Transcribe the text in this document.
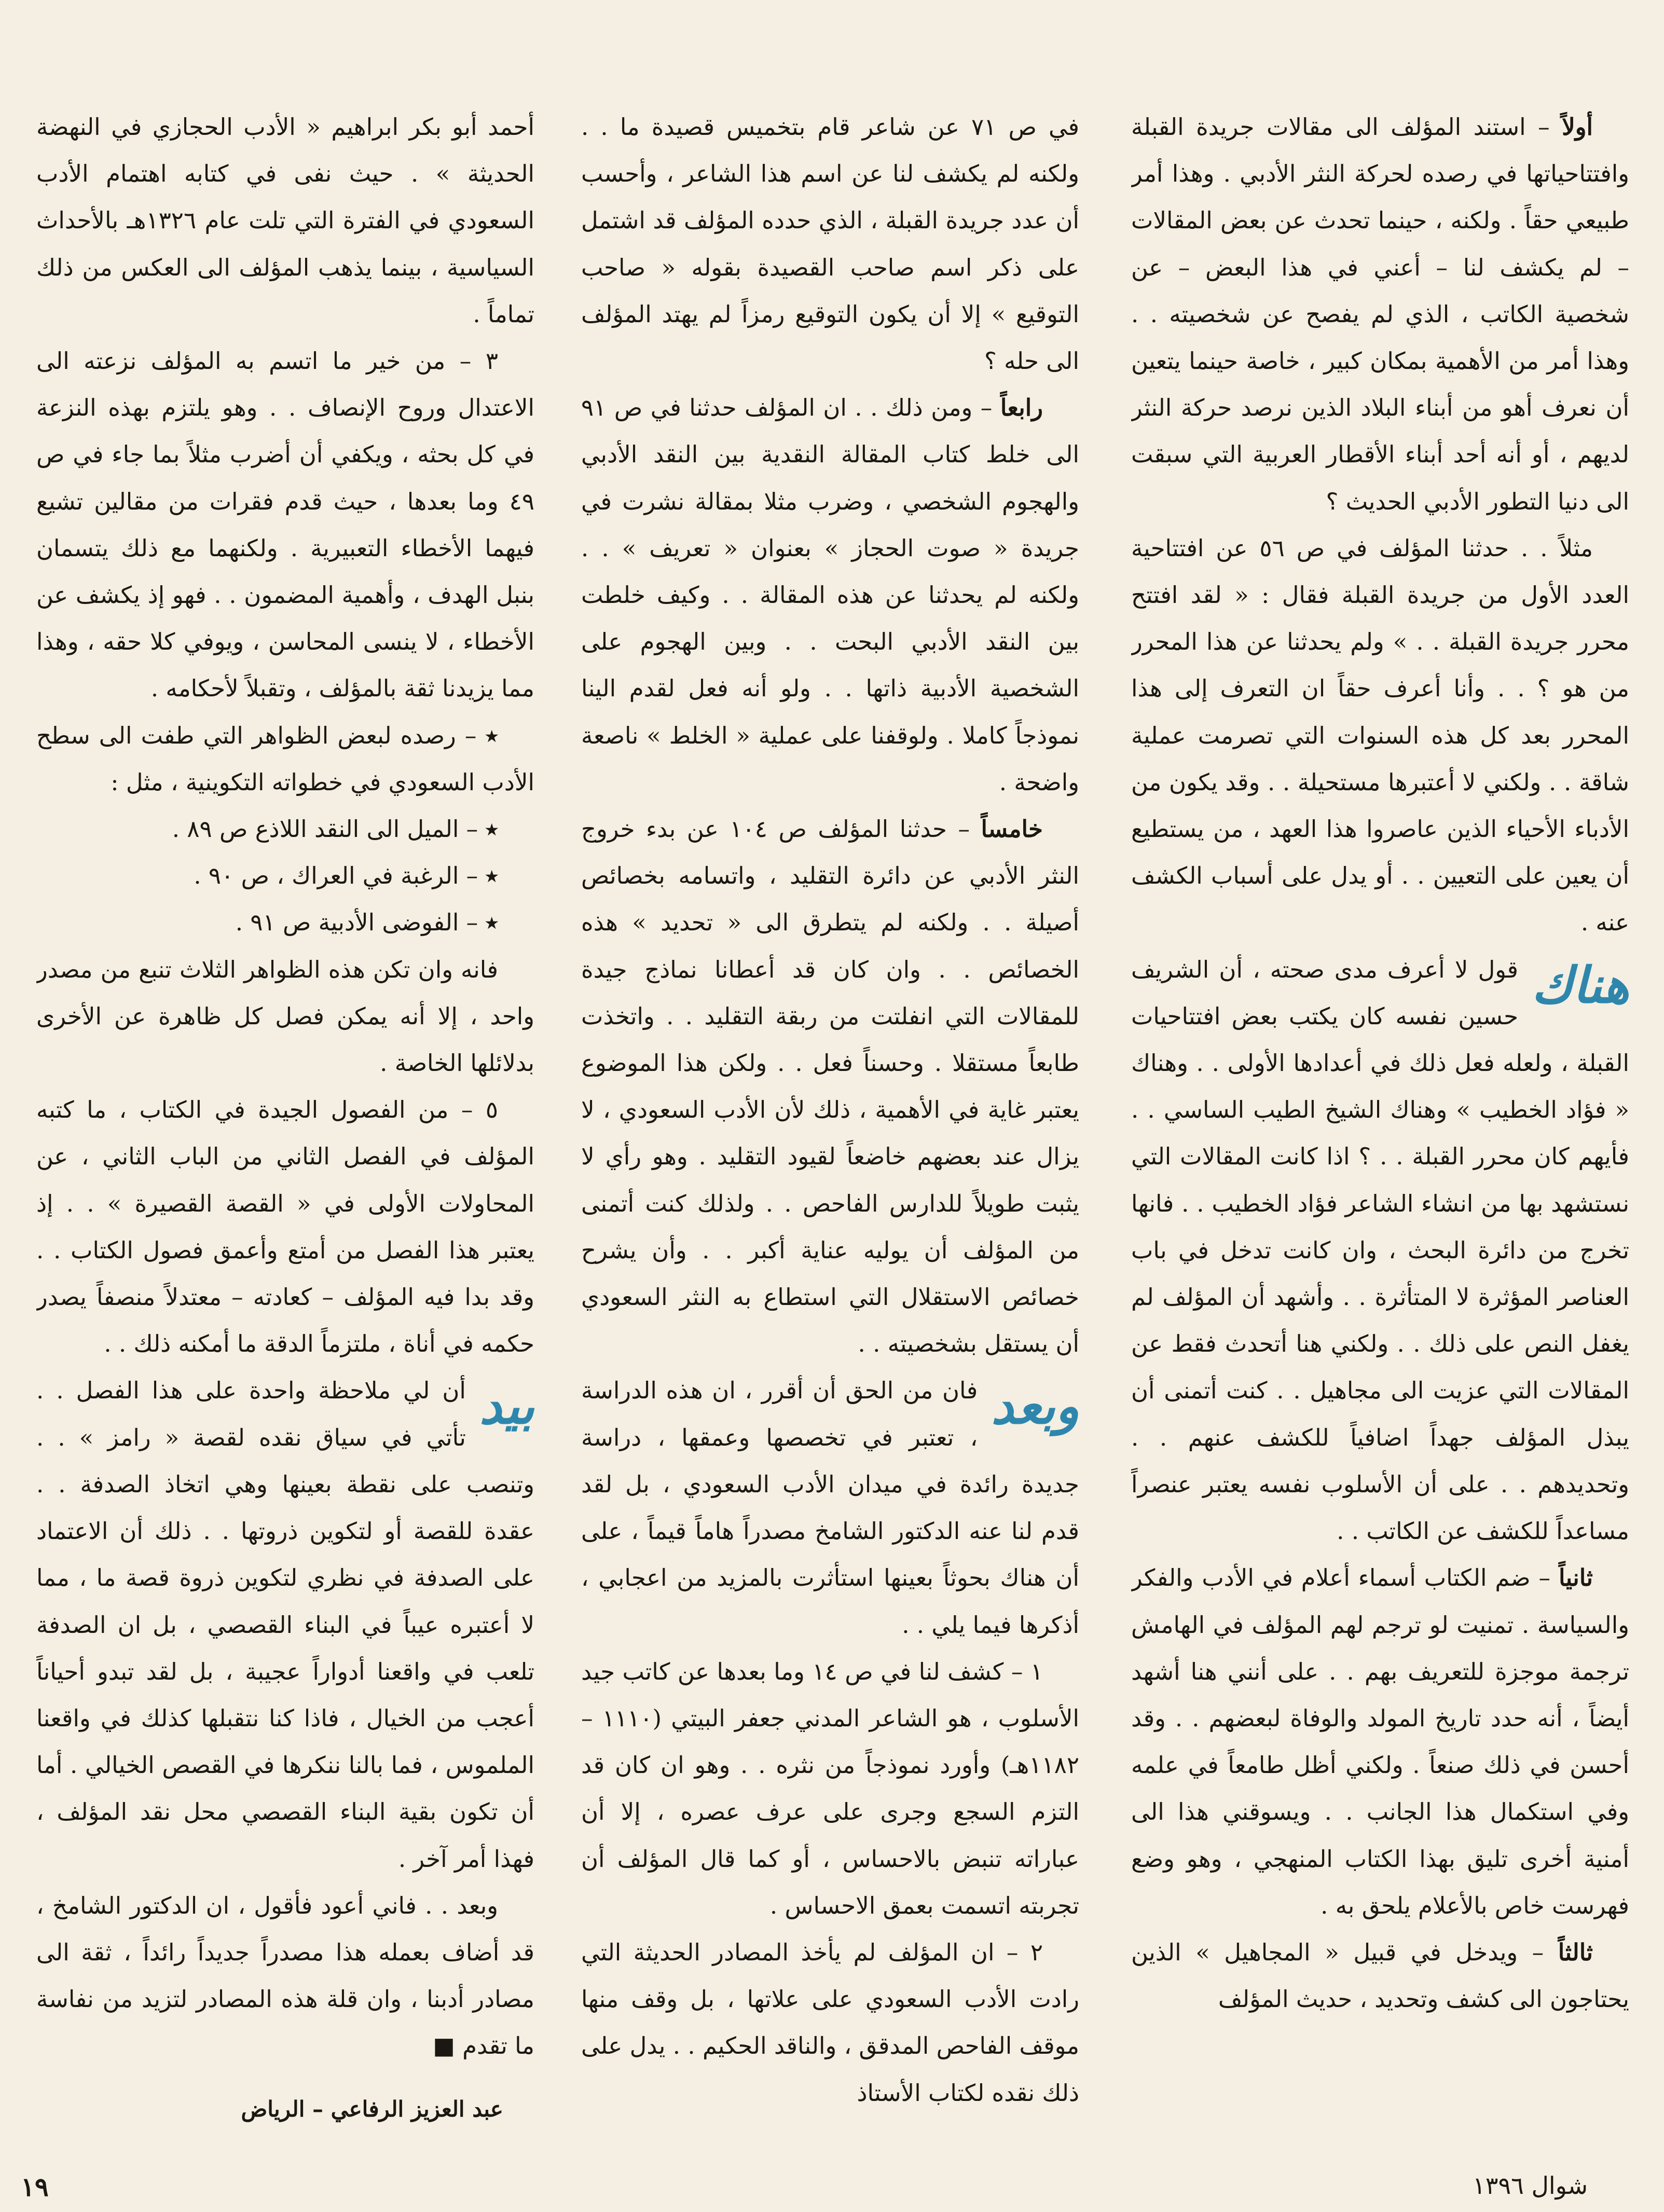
أولاً – استند المؤلف الى مقالات جريدة القبلة وافتتاحياتها في رصده لحركة النثر الأدبي . وهذا أمر طبيعي حقاً . ولكنه ، حينما تحدث عن بعض المقالات – لم يكشف لنا – أعني في هذا البعض – عن شخصية الكاتب ، الذي لم يفصح عن شخصيته . . وهذا أمر من الأهمية بمكان كبير ، خاصة حينما يتعين أن نعرف أهو من أبناء البلاد الذين نرصد حركة النثر لديهم ، أو أنه أحد أبناء الأقطار العربية التي سبقت الى دنيا التطور الأدبي الحديث ؟

مثلاً . . حدثنا المؤلف في ص ٥٦ عن افتتاحية العدد الأول من جريدة القبلة فقال : « لقد افتتح محرر جريدة القبلة . . » ولم يحدثنا عن هذا المحرر من هو ؟ . . وأنا أعرف حقاً ان التعرف إلى هذا المحرر بعد كل هذه السنوات التي تصرمت عملية شاقة . . ولكني لا أعتبرها مستحيلة . . وقد يكون من الأدباء الأحياء الذين عاصروا هذا العهد ، من يستطيع أن يعين على التعيين . . أو يدل على أسباب الكشف عنه .

هناك
قول لا أعرف مدى صحته ، أن الشريف حسين نفسه كان يكتب بعض افتتاحيات القبلة ، ولعله فعل ذلك في أعدادها الأولى . . وهناك « فؤاد الخطيب » وهناك الشيخ الطيب الساسي . . فأيهم كان محرر القبلة . . ؟ اذا كانت المقالات التي نستشهد بها من انشاء الشاعر فؤاد الخطيب . . فانها تخرج من دائرة البحث ، وان كانت تدخل في باب العناصر المؤثرة لا المتأثرة . . وأشهد أن المؤلف لم يغفل النص على ذلك . . ولكني هنا أتحدث فقط عن المقالات التي عزيت الى مجاهيل . . كنت أتمنى أن يبذل المؤلف جهداً اضافياً للكشف عنهم . . وتحديدهم . . على أن الأسلوب نفسه يعتبر عنصراً مساعداً للكشف عن الكاتب . .

ثانياً – ضم الكتاب أسماء أعلام في الأدب والفكر والسياسة . تمنيت لو ترجم لهم المؤلف في الهامش ترجمة موجزة للتعريف بهم . . على أنني هنا أشهد أيضاً ، أنه حدد تاريخ المولد والوفاة لبعضهم . . وقد أحسن في ذلك صنعاً . ولكني أظل طامعاً في علمه وفي استكمال هذا الجانب . . ويسوقني هذا الى أمنية أخرى تليق بهذا الكتاب المنهجي ، وهو وضع فهرست خاص بالأعلام يلحق به .

ثالثاً – ويدخل في قبيل « المجاهيل » الذين يحتاجون الى كشف وتحديد ، حديث المؤلف

في ص ٧١ عن شاعر قام بتخميس قصيدة ما . . ولكنه لم يكشف لنا عن اسم هذا الشاعر ، وأحسب أن عدد جريدة القبلة ، الذي حدده المؤلف قد اشتمل على ذكر اسم صاحب القصيدة بقوله « صاحب التوقيع » إلا أن يكون التوقيع رمزاً لم يهتد المؤلف الى حله ؟

رابعاً – ومن ذلك . . ان المؤلف حدثنا في ص ٩١ الى خلط كتاب المقالة النقدية بين النقد الأدبي والهجوم الشخصي ، وضرب مثلا بمقالة نشرت في جريدة « صوت الحجاز » بعنوان « تعريف » . . ولكنه لم يحدثنا عن هذه المقالة . . وكيف خلطت بين النقد الأدبي البحت . . وبين الهجوم على الشخصية الأدبية ذاتها . . ولو أنه فعل لقدم الينا نموذجاً كاملا . ولوقفنا على عملية « الخلط » ناصعة واضحة .

خامساً – حدثنا المؤلف ص ١٠٤ عن بدء خروج النثر الأدبي عن دائرة التقليد ، واتسامه بخصائص أصيلة . . ولكنه لم يتطرق الى « تحديد » هذه الخصائص . . وان كان قد أعطانا نماذج جيدة للمقالات التي انفلتت من ربقة التقليد . . واتخذت طابعاً مستقلا . وحسناً فعل . . ولكن هذا الموضوع يعتبر غاية في الأهمية ، ذلك لأن الأدب السعودي ، لا يزال عند بعضهم خاضعاً لقيود التقليد . وهو رأي لا يثبت طويلاً للدارس الفاحص . . ولذلك كنت أتمنى من المؤلف أن يوليه عناية أكبر . . وأن يشرح خصائص الاستقلال التي استطاع به النثر السعودي أن يستقل بشخصيته . .

وبعد
فان من الحق أن أقرر ، ان هذه الدراسة ، تعتبر في تخصصها وعمقها ، دراسة جديدة رائدة في ميدان الأدب السعودي ، بل لقد قدم لنا عنه الدكتور الشامخ مصدراً هاماً قيماً ، على أن هناك بحوثاً بعينها استأثرت بالمزيد من اعجابي ، أذكرها فيما يلي . .

١ – كشف لنا في ص ١٤ وما بعدها عن كاتب جيد الأسلوب ، هو الشاعر المدني جعفر البيتي (١١١٠ – ١١٨٢هـ) وأورد نموذجاً من نثره . . وهو ان كان قد التزم السجع وجرى على عرف عصره ، إلا أن عباراته تنبض بالاحساس ، أو كما قال المؤلف أن تجربته اتسمت بعمق الاحساس .

٢ – ان المؤلف لم يأخذ المصادر الحديثة التي رادت الأدب السعودي على علاتها ، بل وقف منها موقف الفاحص المدقق ، والناقد الحكيم . . يدل على ذلك نقده لكتاب الأستاذ

أحمد أبو بكر ابراهيم « الأدب الحجازي في النهضة الحديثة » . حيث نفى في كتابه اهتمام الأدب السعودي في الفترة التي تلت عام ١٣٢٦هـ بالأحداث السياسية ، بينما يذهب المؤلف الى العكس من ذلك تماماً .

٣ – من خير ما اتسم به المؤلف نزعته الى الاعتدال وروح الإنصاف . . وهو يلتزم بهذه النزعة في كل بحثه ، ويكفي أن أضرب مثلاً بما جاء في ص ٤٩ وما بعدها ، حيث قدم فقرات من مقالين تشيع فيهما الأخطاء التعبيرية . ولكنهما مع ذلك يتسمان بنبل الهدف ، وأهمية المضمون . . فهو إذ يكشف عن الأخطاء ، لا ينسى المحاسن ، ويوفي كلا حقه ، وهذا مما يزيدنا ثقة بالمؤلف ، وتقبلاً لأحكامه .

٭ – رصده لبعض الظواهر التي طفت الى سطح الأدب السعودي في خطواته التكوينية ، مثل :

٭ – الميل الى النقد اللاذع ص ٨٩ .

٭ – الرغبة في العراك ، ص ٩٠ .

٭ – الفوضى الأدبية ص ٩١ .

فانه وان تكن هذه الظواهر الثلاث تنبع من مصدر واحد ، إلا أنه يمكن فصل كل ظاهرة عن الأخرى بدلائلها الخاصة .

٥ – من الفصول الجيدة في الكتاب ، ما كتبه المؤلف في الفصل الثاني من الباب الثاني ، عن المحاولات الأولى في « القصة القصيرة » . . إذ يعتبر هذا الفصل من أمتع وأعمق فصول الكتاب . . وقد بدا فيه المؤلف – كعادته – معتدلاً منصفاً يصدر حكمه في أناة ، ملتزماً الدقة ما أمكنه ذلك . .

بيد
أن لي ملاحظة واحدة على هذا الفصل . . تأتي في سياق نقده لقصة « رامز » . . وتنصب على نقطة بعينها وهي اتخاذ الصدفة . . عقدة للقصة أو لتكوين ذروتها . . ذلك أن الاعتماد على الصدفة في نظري لتكوين ذروة قصة ما ، مما لا أعتبره عيباً في البناء القصصي ، بل ان الصدفة تلعب في واقعنا أدواراً عجيبة ، بل لقد تبدو أحياناً أعجب من الخيال ، فاذا كنا نتقبلها كذلك في واقعنا الملموس ، فما بالنا ننكرها في القصص الخيالي . أما أن تكون بقية البناء القصصي محل نقد المؤلف ، فهذا أمر آخر .

وبعد . . فاني أعود فأقول ، ان الدكتور الشامخ ، قد أضاف بعمله هذا مصدراً جديداً رائداً ، ثقة الى مصادر أدبنا ، وان قلة هذه المصادر لتزيد من نفاسة ما تقدم ■

عبد العزيز الرفاعي – الرياض
١٩	شوال ١٣٩٦
